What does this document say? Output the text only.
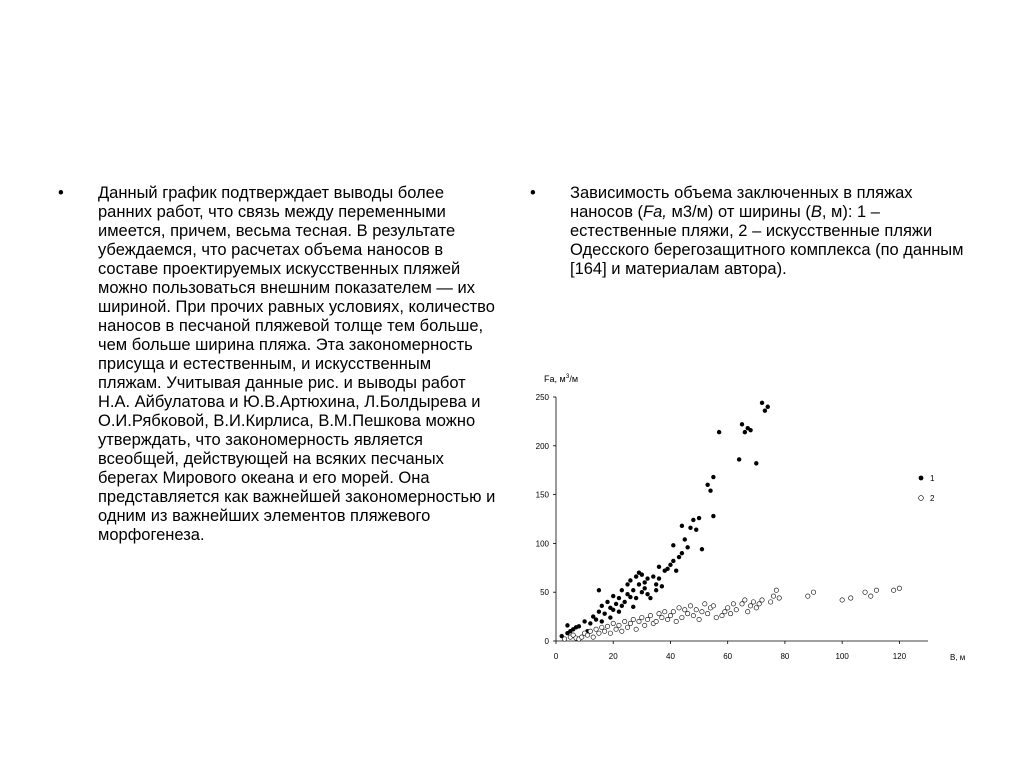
• Данный график подтверждает выводы более ранних работ, что связь между переменными имеется, причем, весьма тесная. В результате убеждаемся, что расчетах объема наносов в составе проектируемых искусственных пляжей можно пользоваться внешним показателем — их шириной. При прочих равных условиях, количество наносов в песчаной пляжевой толще тем больше, чем больше ширина пляжа. Эта закономерность присуща и естественным, и искусственным пляжам. Учитывая данные рис. и выводы работ Н.А. Айбулатова и Ю.В.Артюхина, Л.Болдырева и О.И.Рябковой, В.И.Кирлиса, В.М.Пешкова можно утверждать, что закономерность является всеобщей, действующей на всяких песчаных берегах Мирового океана и его морей. Она представляется как важнейшей закономерностью и одним из важнейших элементов пляжевого морфогенеза.
• Зависимость объема заключенных в пляжах наносов (Fa, м3/м) от ширины (В, м): 1 – естественные пляжи, 2 – искусственные пляжи Одесского берегозащитного комплекса (по данным [164] и материалам автора).
Fa, $м^3/м$
0
50
100
150
200
250
0	20	40	60	80	100	120	B, м
1
2
